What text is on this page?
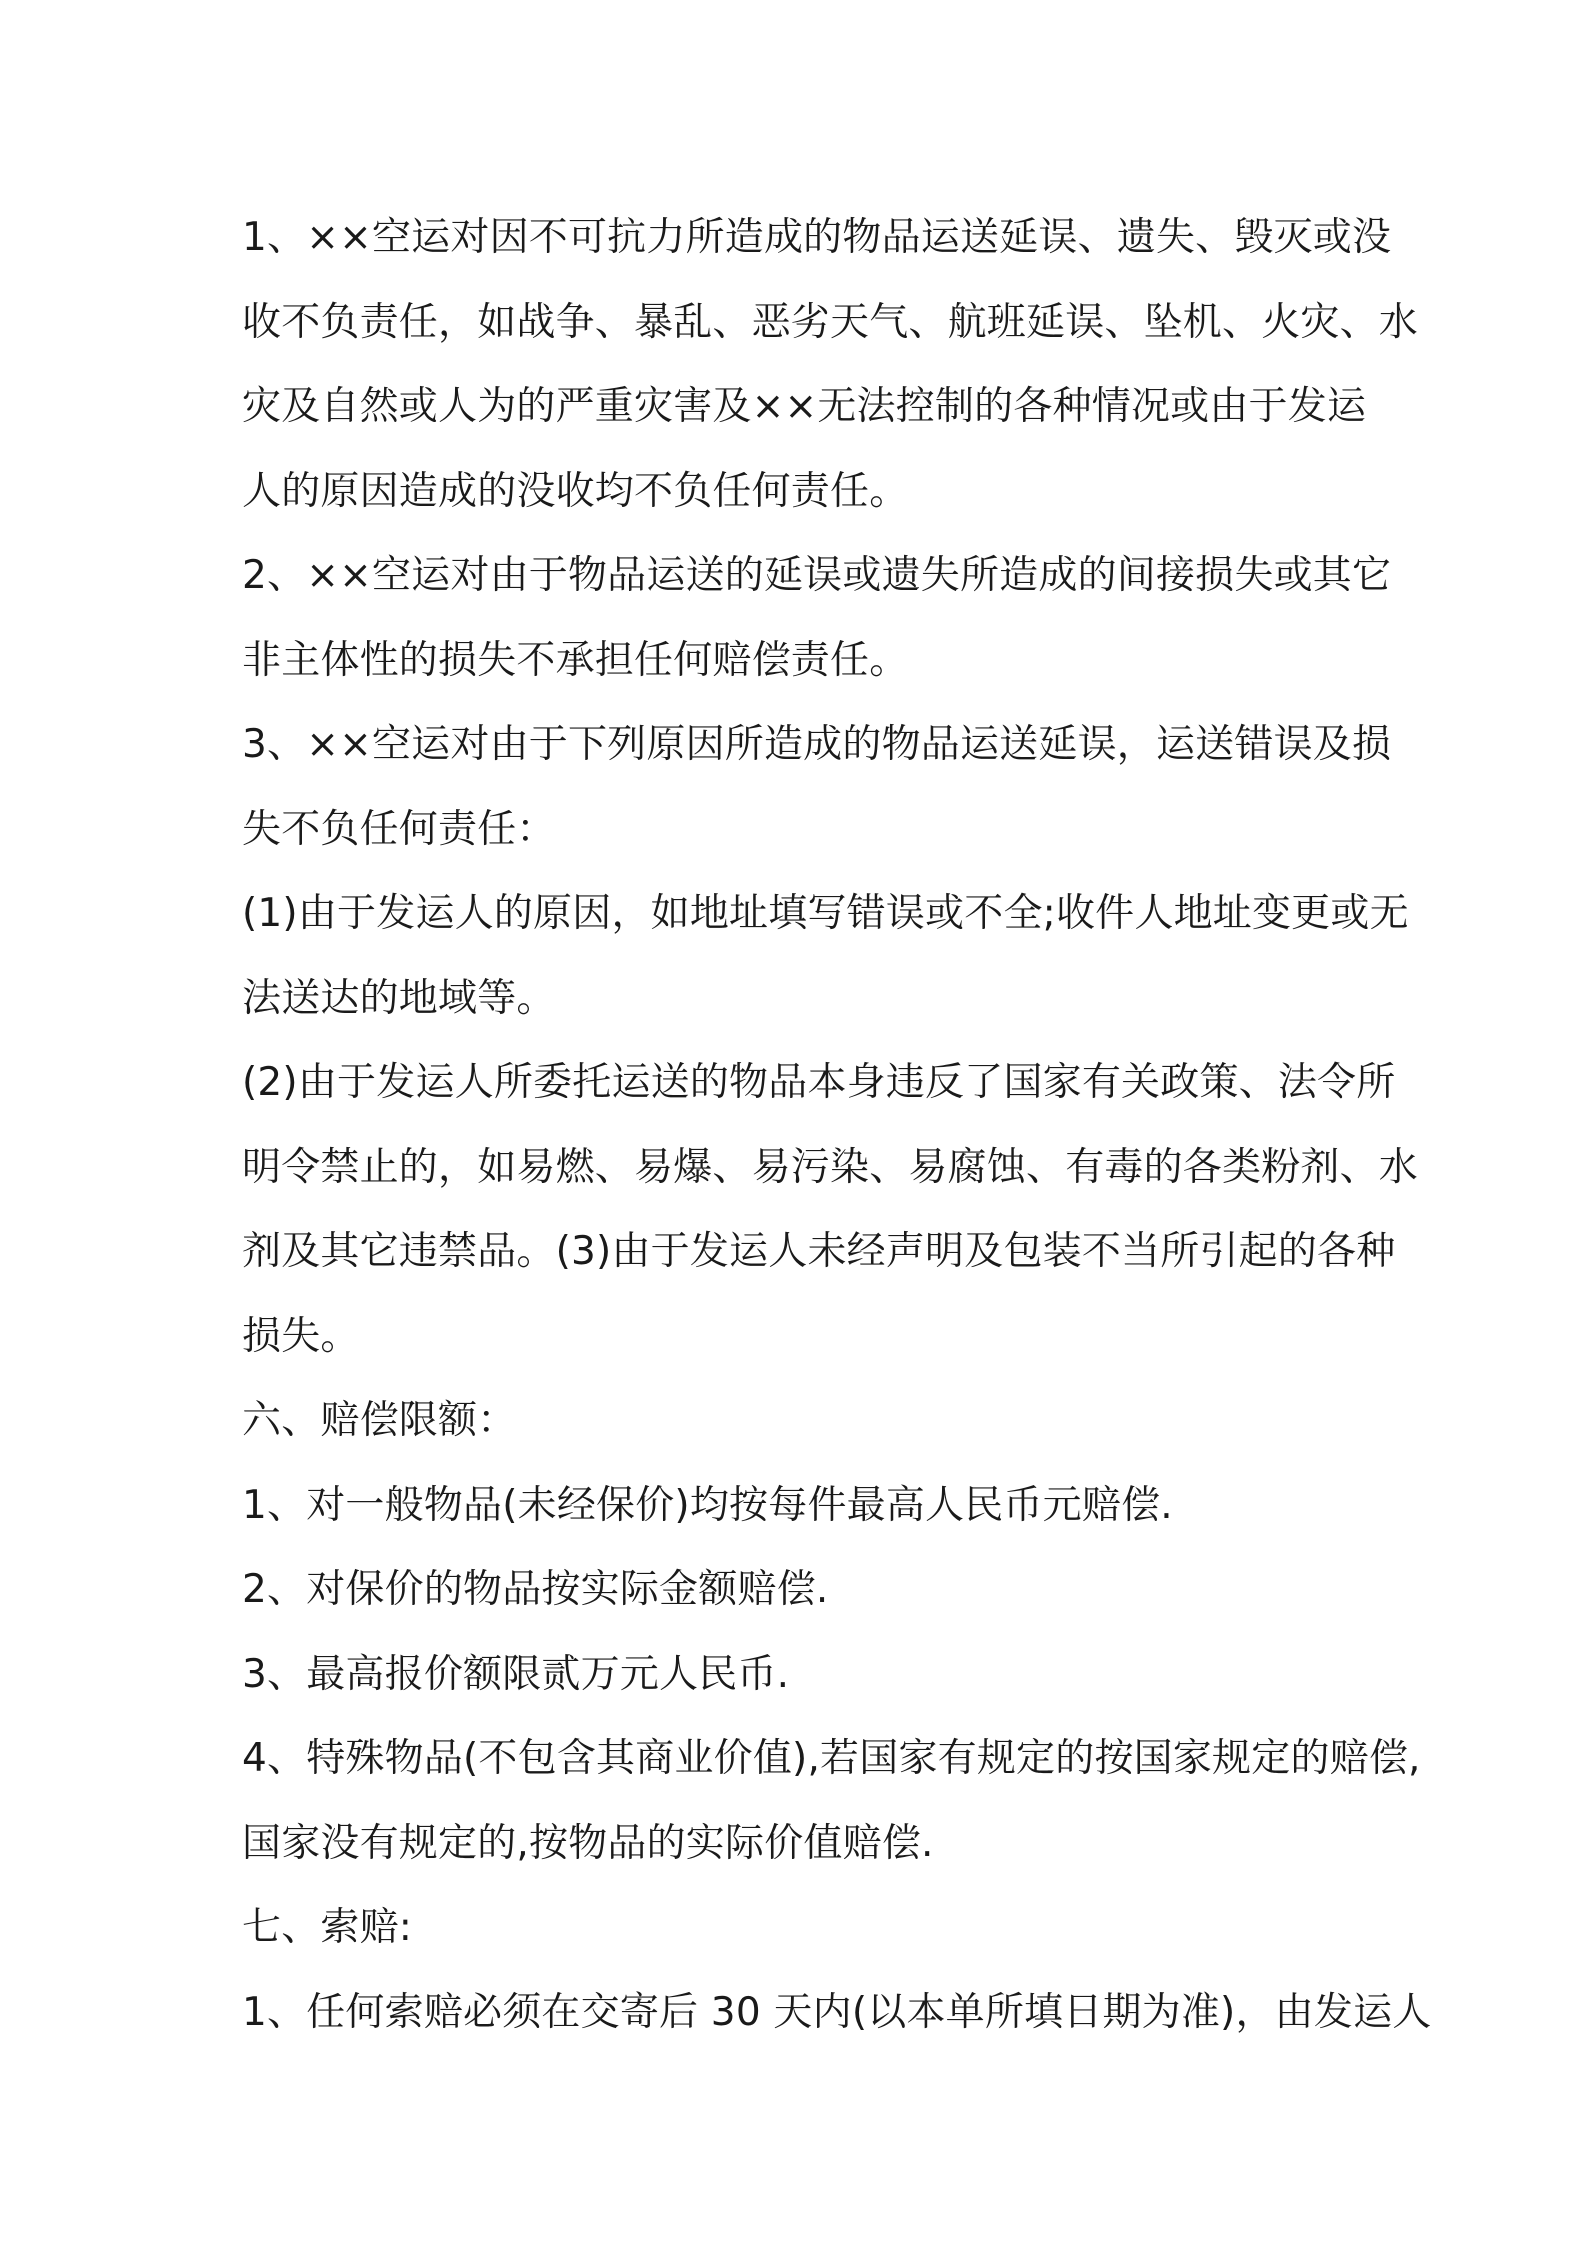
1、××空运对因不可抗力所造成的物品运送延误、遗失、毁灭或没

收不负责任，如战争、暴乱、恶劣天气、航班延误、坠机、火灾、水

灾及自然或人为的严重灾害及××无法控制的各种情况或由于发运

人的原因造成的没收均不负任何责任。

2、××空运对由于物品运送的延误或遗失所造成的间接损失或其它

非主体性的损失不承担任何赔偿责任。

3、××空运对由于下列原因所造成的物品运送延误，运送错误及损

失不负任何责任：

(1)由于发运人的原因，如地址填写错误或不全;收件人地址变更或无

法送达的地域等。

(2)由于发运人所委托运送的物品本身违反了国家有关政策、法令所

明令禁止的，如易燃、易爆、易污染、易腐蚀、有毒的各类粉剂、水

剂及其它违禁品。(3)由于发运人未经声明及包装不当所引起的各种

损失。

六、赔偿限额：

1、对一般物品(未经保价)均按每件最高人民币元赔偿.

2、对保价的物品按实际金额赔偿.

3、最高报价额限贰万元人民币.

4、特殊物品(不包含其商业价值),若国家有规定的按国家规定的赔偿,

国家没有规定的,按物品的实际价值赔偿.

七、索赔:

1、任何索赔必须在交寄后 30 天内(以本单所填日期为准)，由发运人
